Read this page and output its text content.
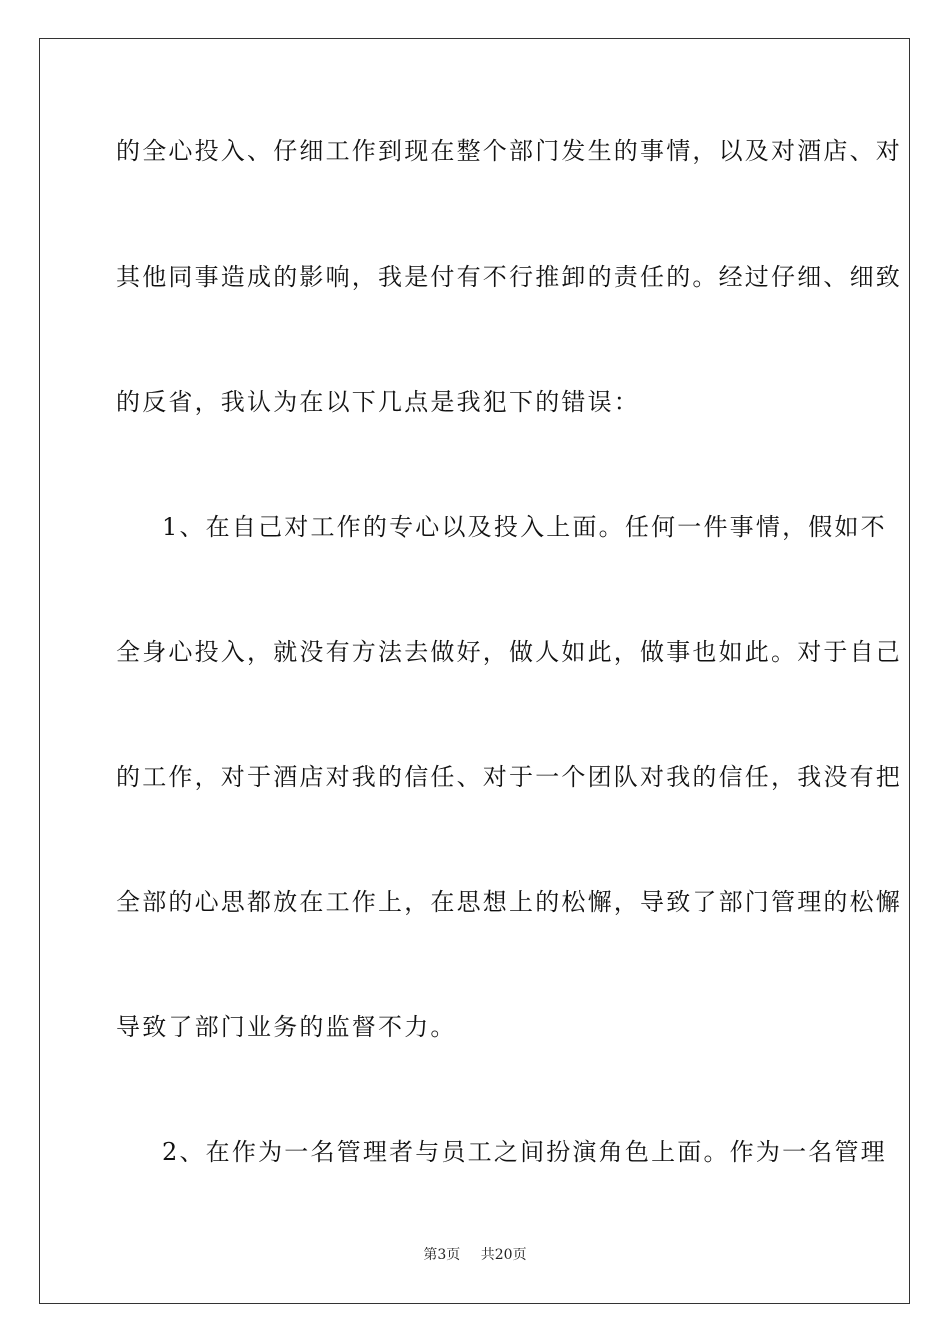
的全心投入、仔细工作到现在整个部门发生的事情，以及对酒店、对
其他同事造成的影响，我是付有不行推卸的责任的。经过仔细、细致
的反省，我认为在以下几点是我犯下的错误：
1、在自己对工作的专心以及投入上面。任何一件事情，假如不
全身心投入，就没有方法去做好，做人如此，做事也如此。对于自己
的工作，对于酒店对我的信任、对于一个团队对我的信任，我没有把
全部的心思都放在工作上，在思想上的松懈，导致了部门管理的松懈
导致了部门业务的监督不力。
2、在作为一名管理者与员工之间扮演角色上面。作为一名管理
第3页 共20页
